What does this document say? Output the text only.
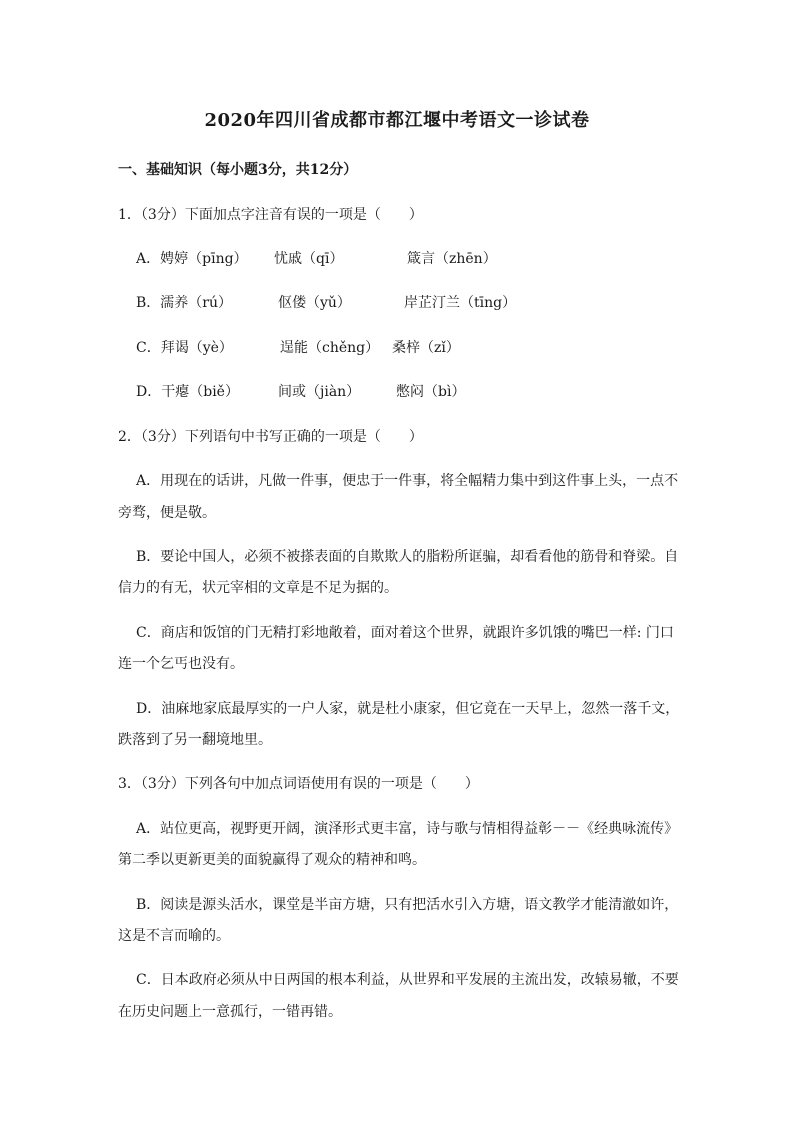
2020年四川省成都市都江堰中考语文一诊试卷
一、基础知识（每小题3分，共12分）
1．（3分）下面加点字注音有误的一项是（　　）
A．娉婷（pīng） 忧戚（qī）	箴言（zhēn）
B．濡养（rú）	伛偻（yǔ）	岸芷汀兰（tīng）
C．拜谒（yè）	逞能（chěng） 桑梓（zǐ）
D．干瘪（biě）	间或（jiàn）	憋闷（bì）
2．（3分）下列语句中书写正确的一项是（　　）
A．用现在的话讲，凡做一件事，便忠于一件事，将全幅精力集中到这件事上头，一点不
旁骛，便是敬。
B．要论中国人，必须不被搽表面的自欺欺人的脂粉所诓骗，却看看他的筋骨和脊梁。自
信力的有无，状元宰相的文章是不足为据的。
C．商店和饭馆的门无精打彩地敞着，面对着这个世界，就跟许多饥饿的嘴巴一样: 门口
连一个乞丐也没有。
D．油麻地家底最厚实的一户人家，就是杜小康家，但它竟在一天早上，忽然一落千文，
跌落到了另一翻境地里。
3．（3分）下列各句中加点词语使用有误的一项是（　　）
A．站位更高，视野更开阔，演泽形式更丰富，诗与歌与情相得益彰－－《经典咏流传》
第二季以更新更美的面貌赢得了观众的精神和鸣。
B．阅读是源头活水，课堂是半亩方塘，只有把活水引入方塘，语文教学才能清澈如许，
这是不言而喻的。
C．日本政府必须从中日两国的根本利益，从世界和平发展的主流出发，改辕易辙，不要
在历史问题上一意孤行，一错再错。
